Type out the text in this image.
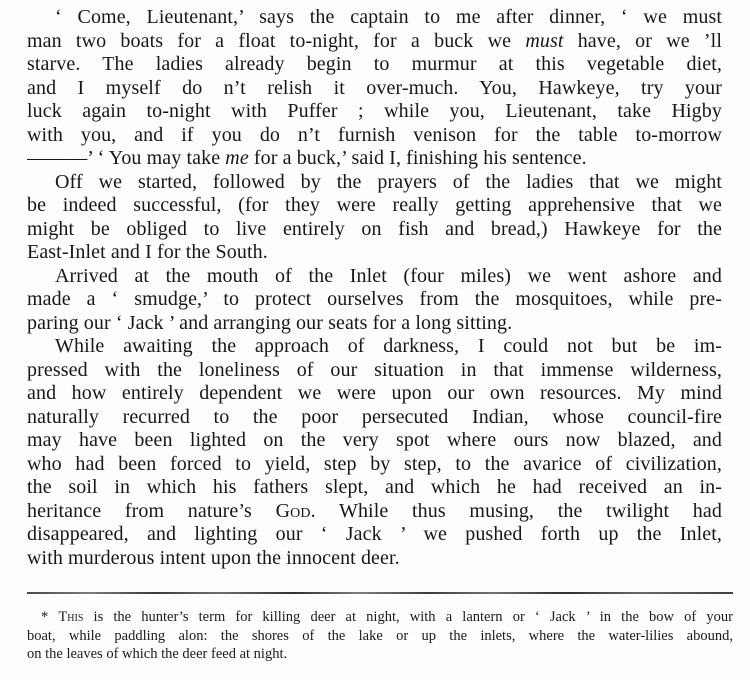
‘ Come, Lieutenant,’ says the captain to me after dinner, ‘ we must
man two boats for a float to-night, for a buck we must have, or we ’ll
starve. The ladies already begin to murmur at this vegetable diet,
and I myself do n’t relish it over-much. You, Hawkeye, try your
luck again to-night with Puffer ; while you, Lieutenant, take Higby
with you, and if you do n’t furnish venison for the table to-morrow
———’ ‘ You may take me for a buck,’ said I, finishing his sentence.
Off we started, followed by the prayers of the ladies that we might
be indeed successful, (for they were really getting apprehensive that we
might be obliged to live entirely on fish and bread,) Hawkeye for the
East-Inlet and I for the South.
Arrived at the mouth of the Inlet (four miles) we went ashore and
made a ‘ smudge,’ to protect ourselves from the mosquitoes, while pre-
paring our ‘ Jack ’ and arranging our seats for a long sitting.
While awaiting the approach of darkness, I could not but be im-
pressed with the loneliness of our situation in that immense wilderness,
and how entirely dependent we were upon our own resources. My mind
naturally recurred to the poor persecuted Indian, whose council-fire
may have been lighted on the very spot where ours now blazed, and
who had been forced to yield, step by step, to the avarice of civilization,
the soil in which his fathers slept, and which he had received an in-
heritance from nature’s God. While thus musing, the twilight had
disappeared, and lighting our ‘ Jack ’ we pushed forth up the Inlet,
with murderous intent upon the innocent deer.
* This is the hunter’s term for killing deer at night, with a lantern or ‘ Jack ’ in the bow of your
boat, while paddling alon: the shores of the lake or up the inlets, where the water-lilies abound,
on the leaves of which the deer feed at night.
